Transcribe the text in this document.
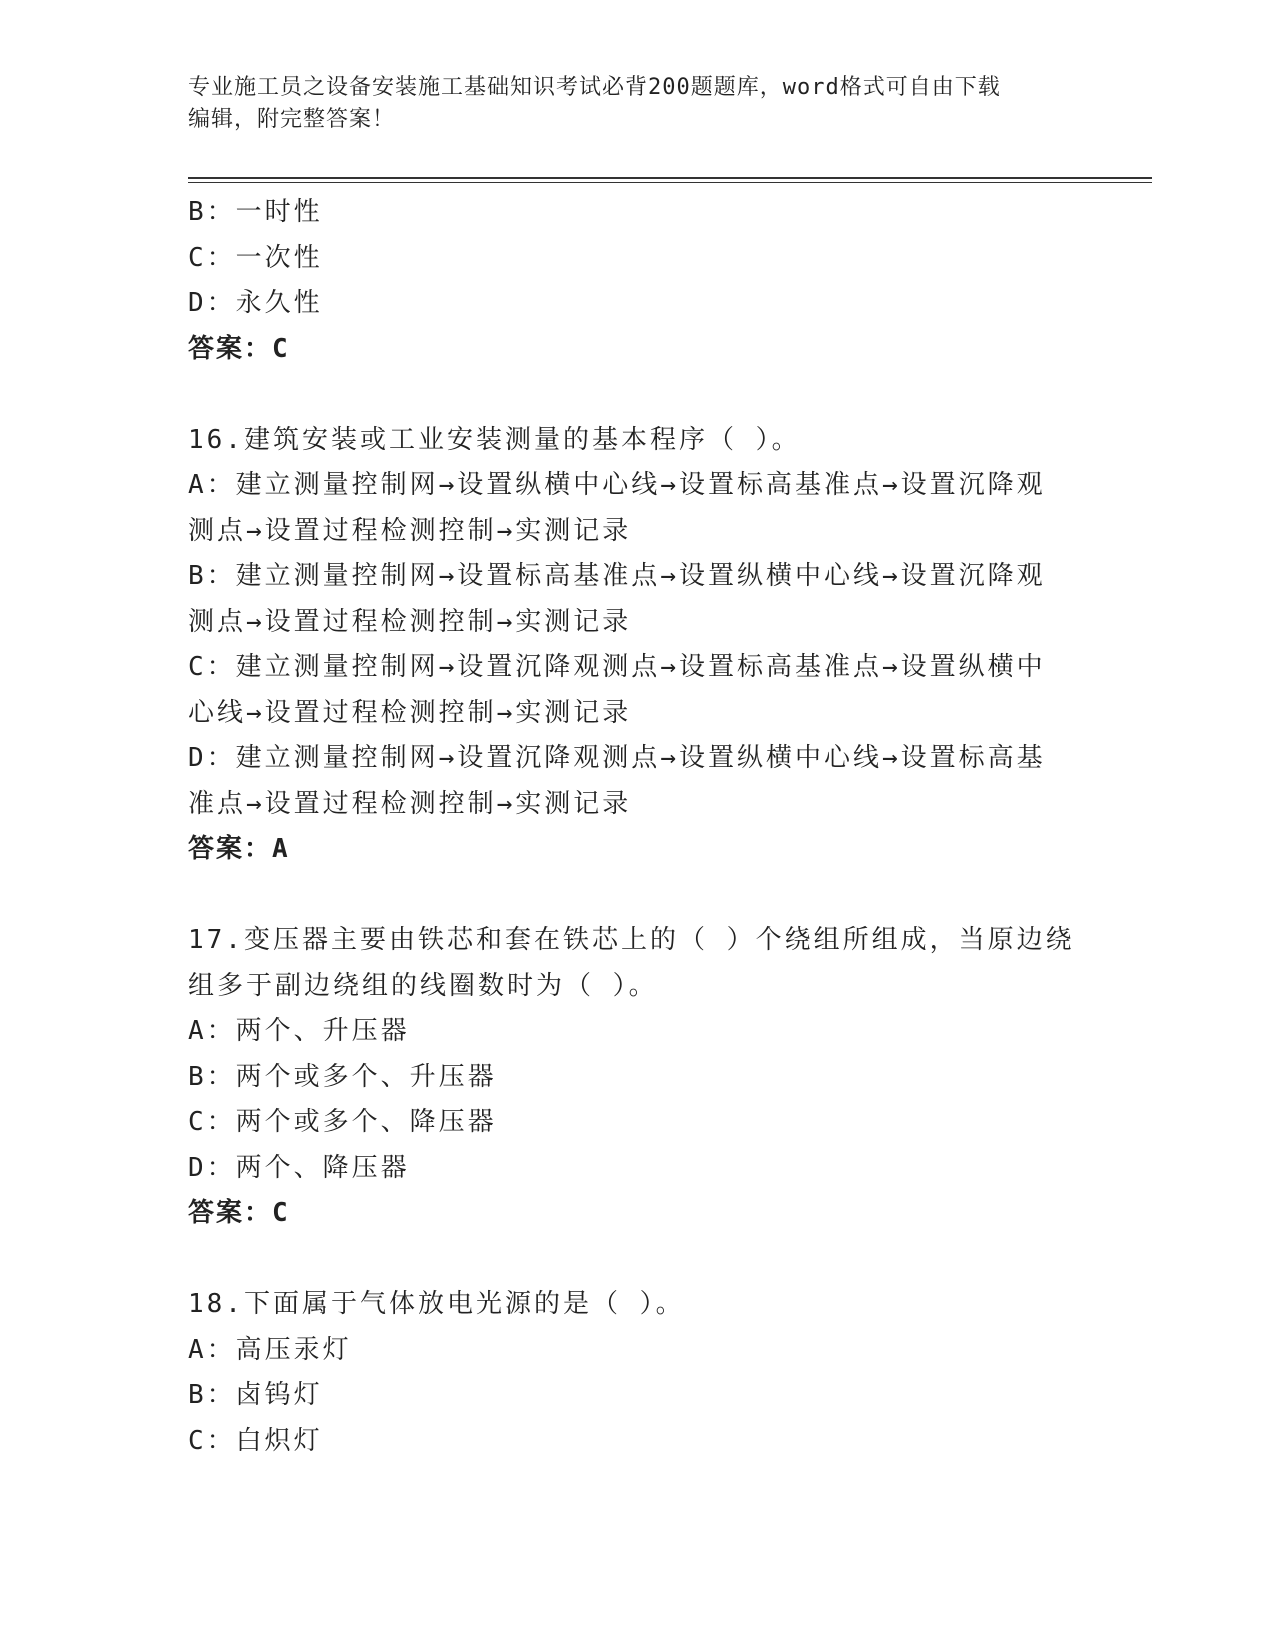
专业施工员之设备安装施工基础知识考试必背200题题库，word格式可自由下载
编辑，附完整答案！
B：一时性
C：一次性
D：永久性
答案：C
16.建筑安装或工业安装测量的基本程序（ ）。
A：建立测量控制网→设置纵横中心线→设置标高基准点→设置沉降观
测点→设置过程检测控制→实测记录
B：建立测量控制网→设置标高基准点→设置纵横中心线→设置沉降观
测点→设置过程检测控制→实测记录
C：建立测量控制网→设置沉降观测点→设置标高基准点→设置纵横中
心线→设置过程检测控制→实测记录
D：建立测量控制网→设置沉降观测点→设置纵横中心线→设置标高基
准点→设置过程检测控制→实测记录
答案：A
17.变压器主要由铁芯和套在铁芯上的（ ）个绕组所组成，当原边绕
组多于副边绕组的线圈数时为（ ）。
A：两个、升压器
B：两个或多个、升压器
C：两个或多个、降压器
D：两个、降压器
答案：C
18.下面属于气体放电光源的是（ ）。
A：高压汞灯
B：卤钨灯
C：白炽灯
